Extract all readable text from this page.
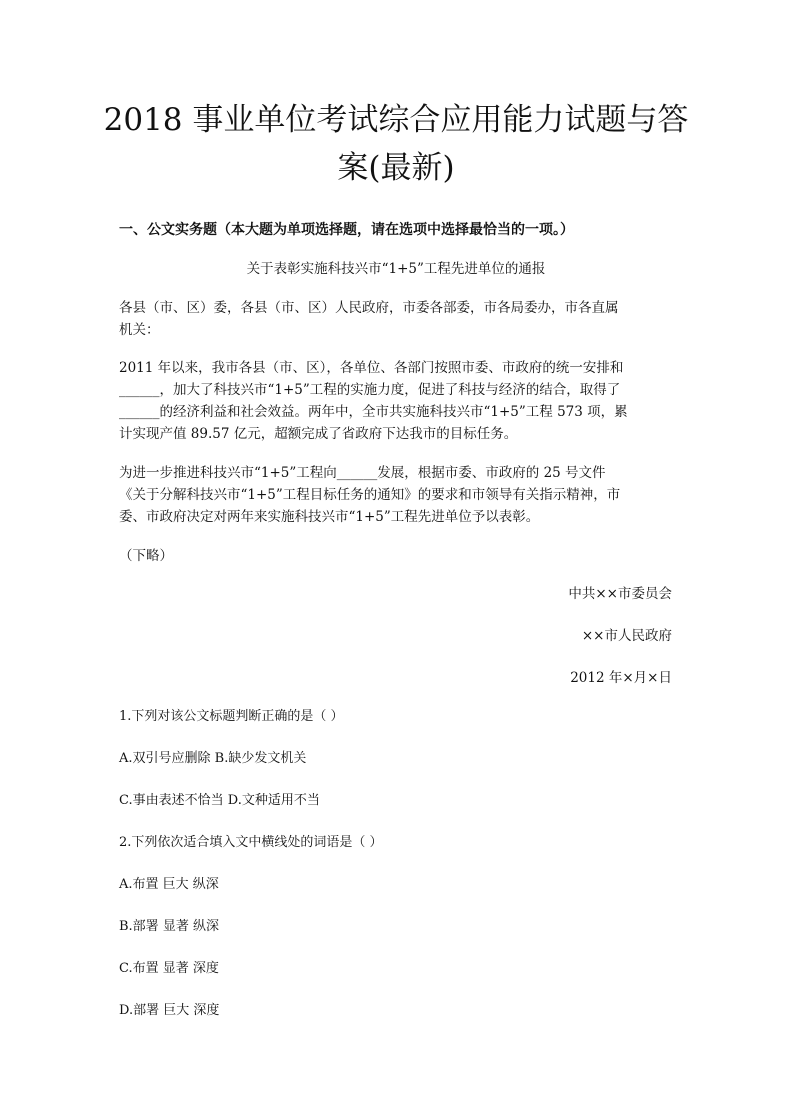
2018 事业单位考试综合应用能力试题与答
案(最新)

一、公文实务题（本大题为单项选择题，请在选项中选择最恰当的一项。）

关于表彰实施科技兴市“1+5”工程先进单位的通报

各县（市、区）委，各县（市、区）人民政府，市委各部委，市各局委办，市各直属
机关：

2011 年以来，我市各县（市、区），各单位、各部门按照市委、市政府的统一安排和
______，加大了科技兴市“1+5”工程的实施力度，促进了科技与经济的结合，取得了
______的经济利益和社会效益。两年中，全市共实施科技兴市“1+5”工程 573 项，累
计实现产值 89.57 亿元，超额完成了省政府下达我市的目标任务。

为进一步推进科技兴市“1+5”工程向______发展，根据市委、市政府的 25 号文件
《关于分解科技兴市“1+5”工程目标任务的通知》的要求和市领导有关指示精神，市
委、市政府决定对两年来实施科技兴市“1+5”工程先进单位予以表彰。

（下略）

中共××市委员会

××市人民政府

2012 年×月×日

1.下列对该公文标题判断正确的是（ ）

A.双引号应删除 B.缺少发文机关

C.事由表述不恰当 D.文种适用不当

2.下列依次适合填入文中横线处的词语是（ ）

A.布置 巨大 纵深

B.部署 显著 纵深

C.布置 显著 深度

D.部署 巨大 深度
